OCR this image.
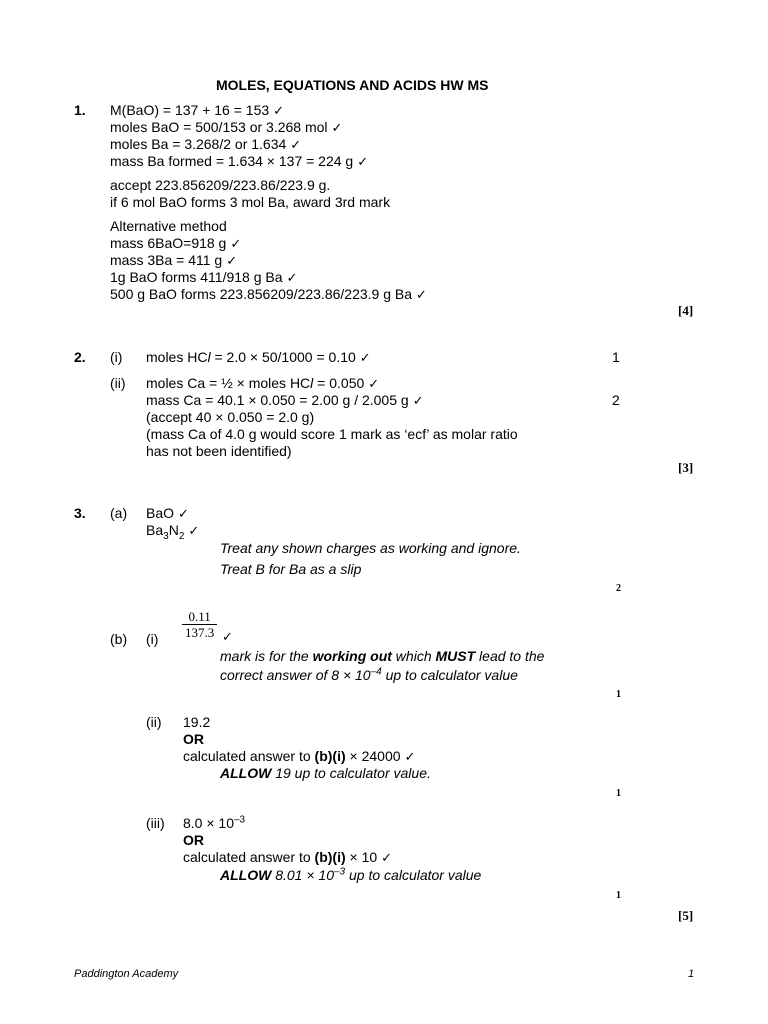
MOLES, EQUATIONS AND ACIDS HW MS
1. M(BaO) = 137 + 16 = 153 ✓
moles BaO = 500/153 or 3.268 mol ✓
moles Ba = 3.268/2 or 1.634 ✓
mass Ba formed = 1.634 × 137 = 224 g ✓
accept 223.856209/223.86/223.9 g.
if 6 mol BaO forms 3 mol Ba, award 3rd mark
Alternative method
mass 6BaO=918 g ✓
mass 3Ba = 411 g ✓
1g BaO forms 411/918 g Ba ✓
500 g BaO forms 223.856209/223.86/223.9 g Ba ✓
[4]
2. (i) moles HCl = 2.0 × 50/1000 = 0.10 ✓	1
(ii) moles Ca = ½ × moles HCl = 0.050 ✓
mass Ca = 40.1 × 0.050 = 2.00 g / 2.005 g ✓	2
(accept 40 × 0.050 = 2.0 g)
(mass Ca of 4.0 g would score 1 mark as ‘ecf’ as molar ratio
has not been identified)
[3]
3. (a) BaO ✓
$Ba_3N_2$ ✓
Treat any shown charges as working and ignore.
Treat B for Ba as a slip
2
(b) $(i) \frac{0.11}{137.3}$ ✓
mark is for the working out which MUST lead to the
correct answer of $8 \times 10^{-4}$ up to calculator value
1
(ii) 19.2
OR
calculated answer to (b)(i) × 24000 ✓
ALLOW 19 up to calculator value.
1
(iii) $8.0 \times 10^{-3}$
OR
calculated answer to (b)(i) × 10 ✓
ALLOW $8.01 \times 10^{-3}$ up to calculator value
1
[5]
Paddington Academy	1
